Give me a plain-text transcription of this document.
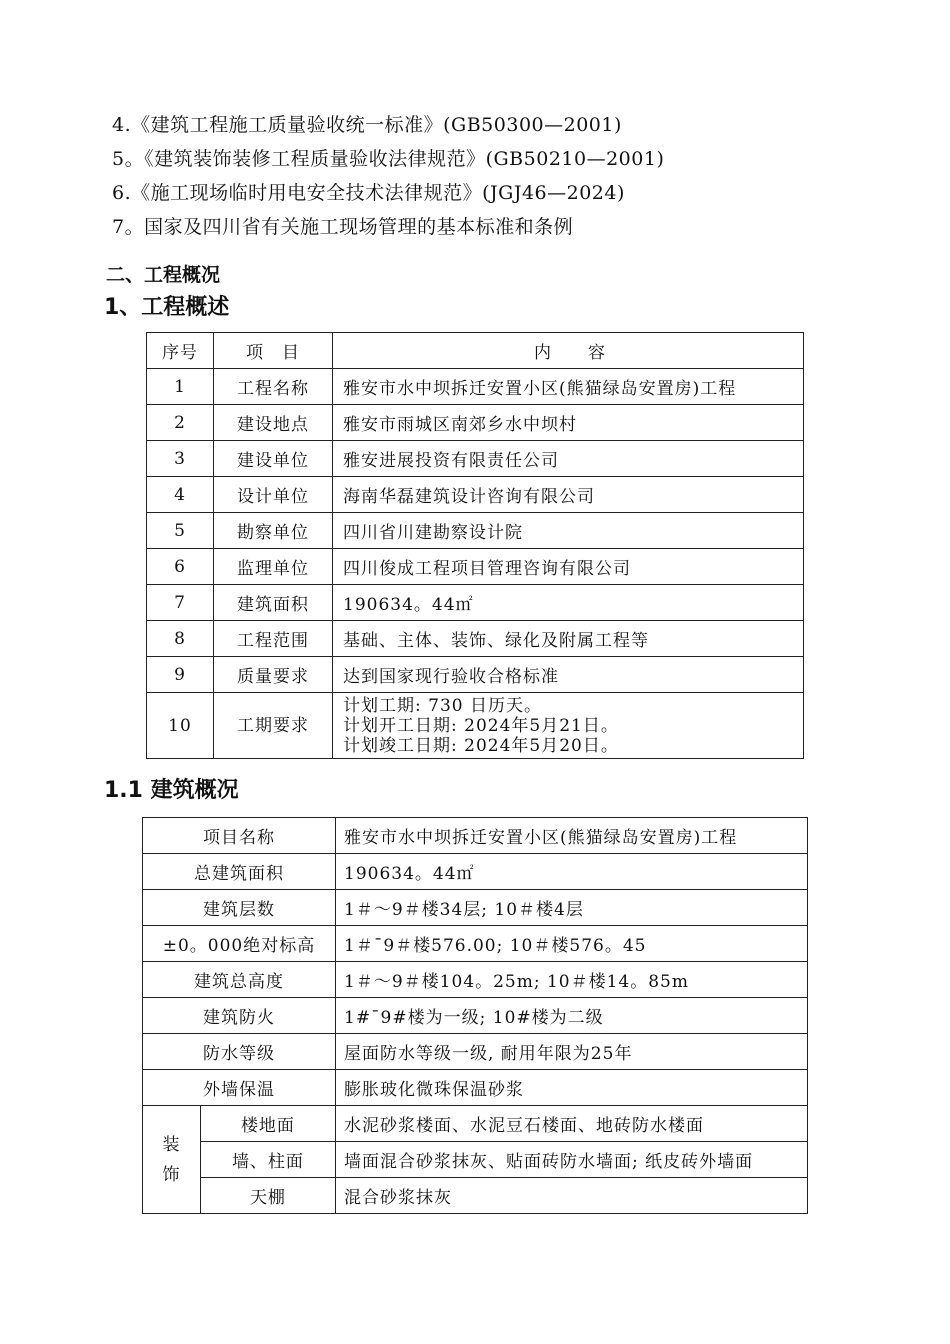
4.《建筑工程施工质量验收统一标准》(GB50300—2001)
5。《建筑装饰装修工程质量验收法律规范》(GB50210—2001)
6.《施工现场临时用电安全技术法律规范》(JGJ46—2024)
7。国家及四川省有关施工现场管理的基本标准和条例
二、工程概况
1、工程概述
序号	项　目	内　　容
1	工程名称	雅安市水中坝拆迁安置小区(熊猫绿岛安置房)工程
2	建设地点	雅安市雨城区南郊乡水中坝村
3	建设单位	雅安进展投资有限责任公司
4	设计单位	海南华磊建筑设计咨询有限公司
5	勘察单位	四川省川建勘察设计院
6	监理单位	四川俊成工程项目管理咨询有限公司
7	建筑面积	190634。44㎡
8	工程范围	基础、主体、装饰、绿化及附属工程等
9	质量要求	达到国家现行验收合格标准
10	工期要求	计划工期: 730 日历天。
计划开工日期: 2024年5月21日。
计划竣工日期: 2024年5月20日。
1.1 建筑概况
项目名称		雅安市水中坝拆迁安置小区(熊猫绿岛安置房)工程
总建筑面积		190634。44㎡
建筑层数		1＃～9＃楼34层; 10＃楼4层
±0。000绝对标高		1＃¯9＃楼576.00; 10＃楼576。45
建筑总高度		1＃～9＃楼104。25m; 10＃楼14。85m
建筑防火		1#¯9#楼为一级; 10#楼为二级
防水等级		屋面防水等级一级, 耐用年限为25年
外墙保温		膨胀玻化微珠保温砂浆

装
饰	楼地面	水泥砂浆楼面、水泥豆石楼面、地砖防水楼面
	墙、柱面	墙面混合砂浆抹灰、贴面砖防水墙面; 纸皮砖外墙面
	天棚	混合砂浆抹灰
